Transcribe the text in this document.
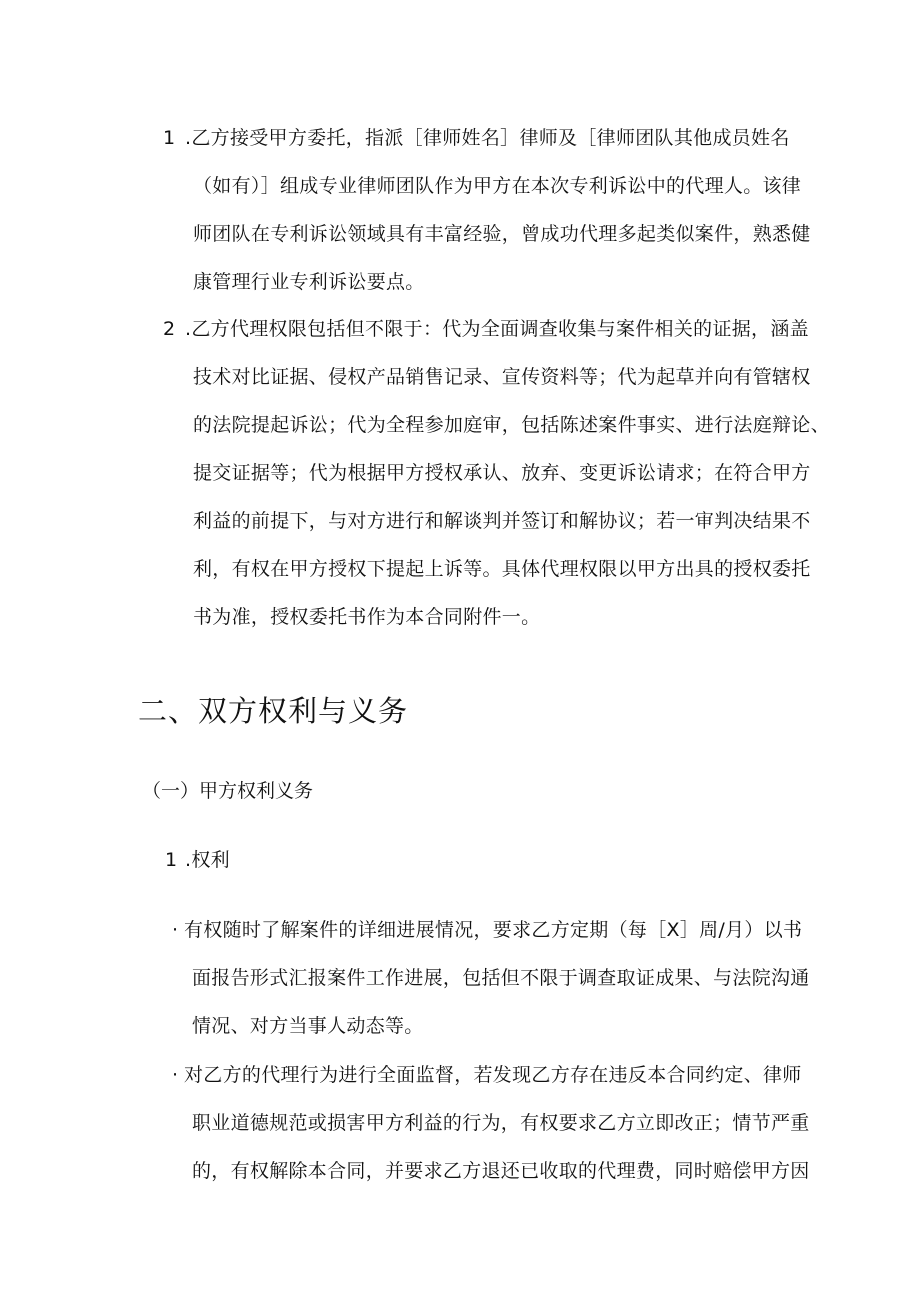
1 .乙方接受甲方委托，指派［律师姓名］律师及［律师团队其他成员姓名
（如有）］组成专业律师团队作为甲方在本次专利诉讼中的代理人。该律
师团队在专利诉讼领域具有丰富经验，曾成功代理多起类似案件，熟悉健
康管理行业专利诉讼要点。
2 .乙方代理权限包括但不限于：代为全面调查收集与案件相关的证据，涵盖
技术对比证据、侵权产品销售记录、宣传资料等；代为起草并向有管辖权
的法院提起诉讼；代为全程参加庭审，包括陈述案件事实、进行法庭辩论、
提交证据等；代为根据甲方授权承认、放弃、变更诉讼请求；在符合甲方
利益的前提下，与对方进行和解谈判并签订和解协议；若一审判决结果不
利，有权在甲方授权下提起上诉等。具体代理权限以甲方出具的授权委托
书为准，授权委托书作为本合同附件一。
二、双方权利与义务
（一）甲方权利义务
1 .权利
· 有权随时了解案件的详细进展情况，要求乙方定期（每［X］周/月）以书
面报告形式汇报案件工作进展，包括但不限于调查取证成果、与法院沟通
情况、对方当事人动态等。
· 对乙方的代理行为进行全面监督，若发现乙方存在违反本合同约定、律师
职业道德规范或损害甲方利益的行为，有权要求乙方立即改正；情节严重
的，有权解除本合同，并要求乙方退还已收取的代理费，同时赔偿甲方因
